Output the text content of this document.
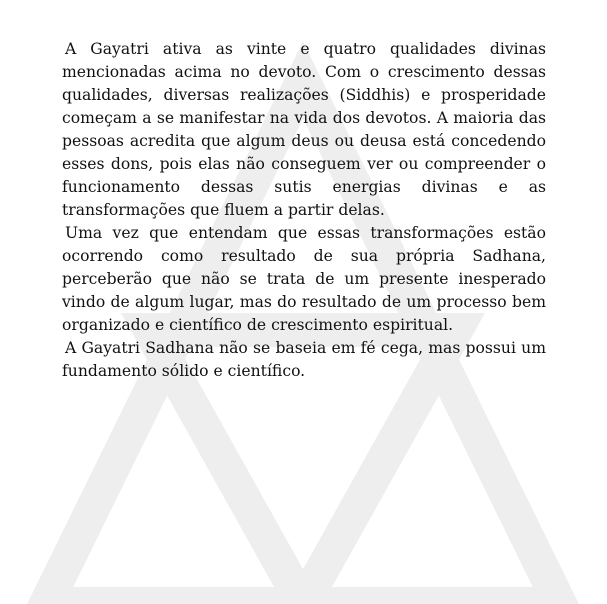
A Gayatri ativa as vinte e quatro qualidades divinas mencionadas acima no devoto. Com o crescimento dessas qualidades, diversas realizações (Siddhis) e prosperidade começam a se manifestar na vida dos devotos. A maioria das pessoas acredita que algum deus ou deusa está concedendo esses dons, pois elas não conseguem ver ou compreender o funcionamento dessas sutis energias divinas e as transformações que fluem a partir delas.

Uma vez que entendam que essas transformações estão ocorrendo como resultado de sua própria Sadhana, perceberão que não se trata de um presente inesperado vindo de algum lugar, mas do resultado de um processo bem organizado e científico de crescimento espiritual.

A Gayatri Sadhana não se baseia em fé cega, mas possui um fundamento sólido e científico.
